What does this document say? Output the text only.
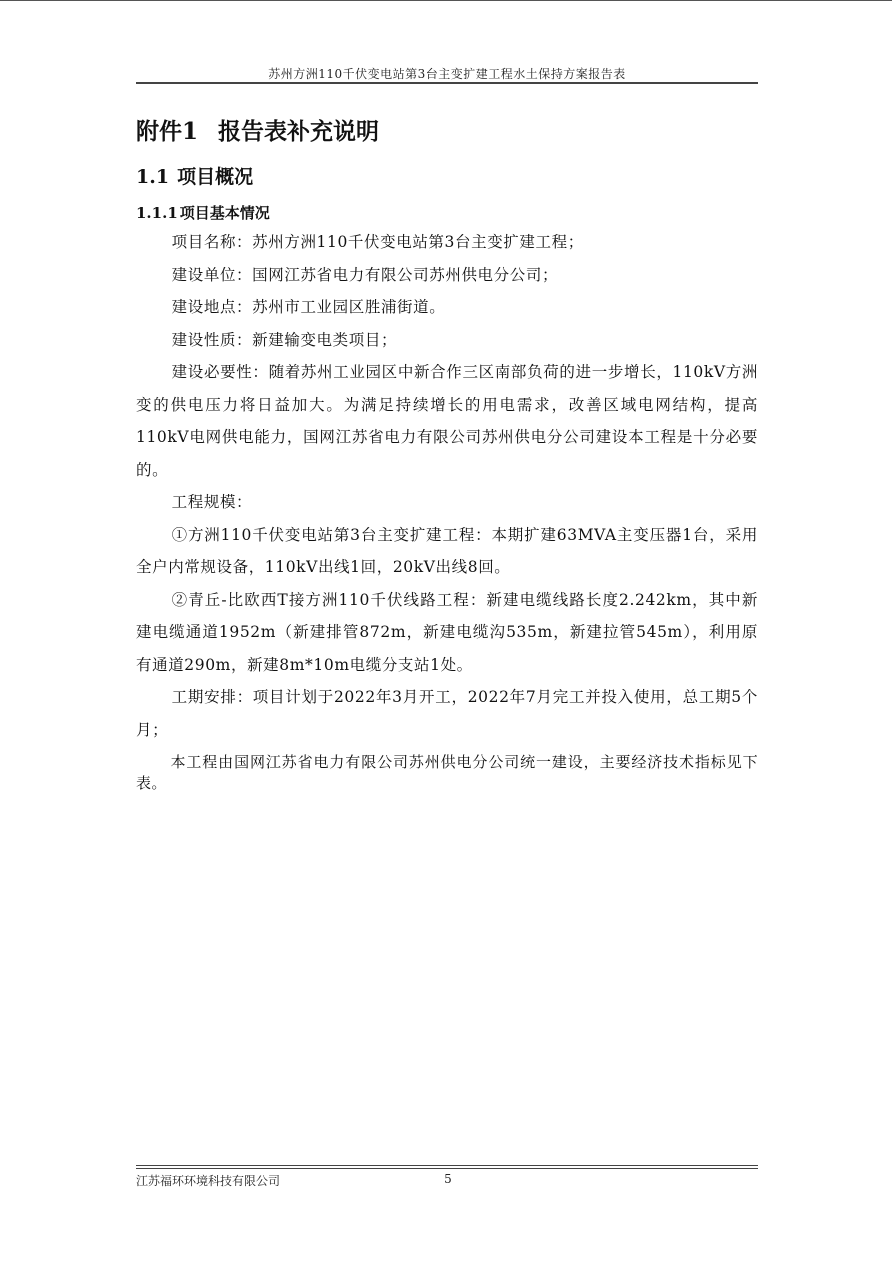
苏州方洲110千伏变电站第3台主变扩建工程水土保持方案报告表
附件1 报告表补充说明
1.1 项目概况
1.1.1 项目基本情况

项目名称：苏州方洲110千伏变电站第3台主变扩建工程；

建设单位：国网江苏省电力有限公司苏州供电分公司；

建设地点：苏州市工业园区胜浦街道。

建设性质：新建输变电类项目；

建设必要性：随着苏州工业园区中新合作三区南部负荷的进一步增长，110kV方洲变的供电压力将日益加大。为满足持续增长的用电需求，改善区域电网结构，提高110kV电网供电能力，国网江苏省电力有限公司苏州供电分公司建设本工程是十分必要的。

工程规模：

①方洲110千伏变电站第3台主变扩建工程：本期扩建63MVA主变压器1台，采用全户内常规设备，110kV出线1回，20kV出线8回。

②青丘-比欧西T接方洲110千伏线路工程：新建电缆线路长度2.242km，其中新建电缆通道1952m（新建排管872m，新建电缆沟535m，新建拉管545m），利用原有通道290m，新建8m*10m电缆分支站1处。

工期安排：项目计划于2022年3月开工，2022年7月完工并投入使用，总工期5个月；

本工程由国网江苏省电力有限公司苏州供电分公司统一建设，主要经济技术指标见下表。

江苏福环环境科技有限公司	5
